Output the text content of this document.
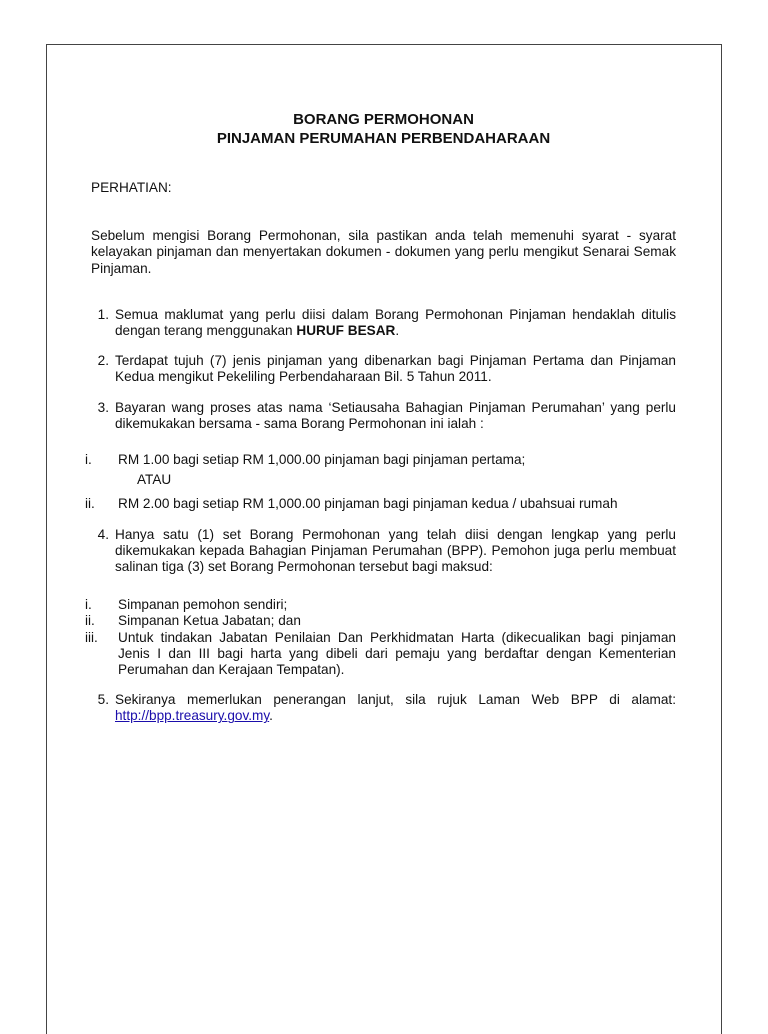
BORANG PERMOHONAN

PINJAMAN PERUMAHAN PERBENDAHARAAN

PERHATIAN:
Sebelum mengisi Borang Permohonan, sila pastikan anda telah memenuhi syarat - syarat kelayakan pinjaman dan menyertakan dokumen - dokumen yang perlu mengikut Senarai Semak Pinjaman.
1. Semua maklumat yang perlu diisi dalam Borang Permohonan Pinjaman hendaklah ditulis dengan terang menggunakan HURUF BESAR.
2. Terdapat tujuh (7) jenis pinjaman yang dibenarkan bagi Pinjaman Pertama dan Pinjaman Kedua mengikut Pekeliling Perbendaharaan Bil. 5 Tahun 2011.
3. Bayaran wang proses atas nama ‘Setiausaha Bahagian Pinjaman Perumahan’ yang perlu dikemukakan bersama - sama Borang Permohonan ini ialah :
i.	RM 1.00 bagi setiap RM 1,000.00 pinjaman bagi pinjaman pertama;
ATAU
ii.	RM 2.00 bagi setiap RM 1,000.00 pinjaman bagi pinjaman kedua / ubahsuai rumah
4. Hanya satu (1) set Borang Permohonan yang telah diisi dengan lengkap yang perlu dikemukakan kepada Bahagian Pinjaman Perumahan (BPP). Pemohon juga perlu membuat salinan tiga (3) set Borang Permohonan tersebut bagi maksud:
i.	Simpanan pemohon sendiri;
ii.	Simpanan Ketua Jabatan; dan
iii.	Untuk tindakan Jabatan Penilaian Dan Perkhidmatan Harta (dikecualikan bagi pinjaman Jenis I dan III bagi harta yang dibeli dari pemaju yang berdaftar dengan Kementerian Perumahan dan Kerajaan Tempatan).
5. Sekiranya memerlukan penerangan lanjut, sila rujuk Laman Web BPP di alamat: http://bpp.treasury.gov.my.
